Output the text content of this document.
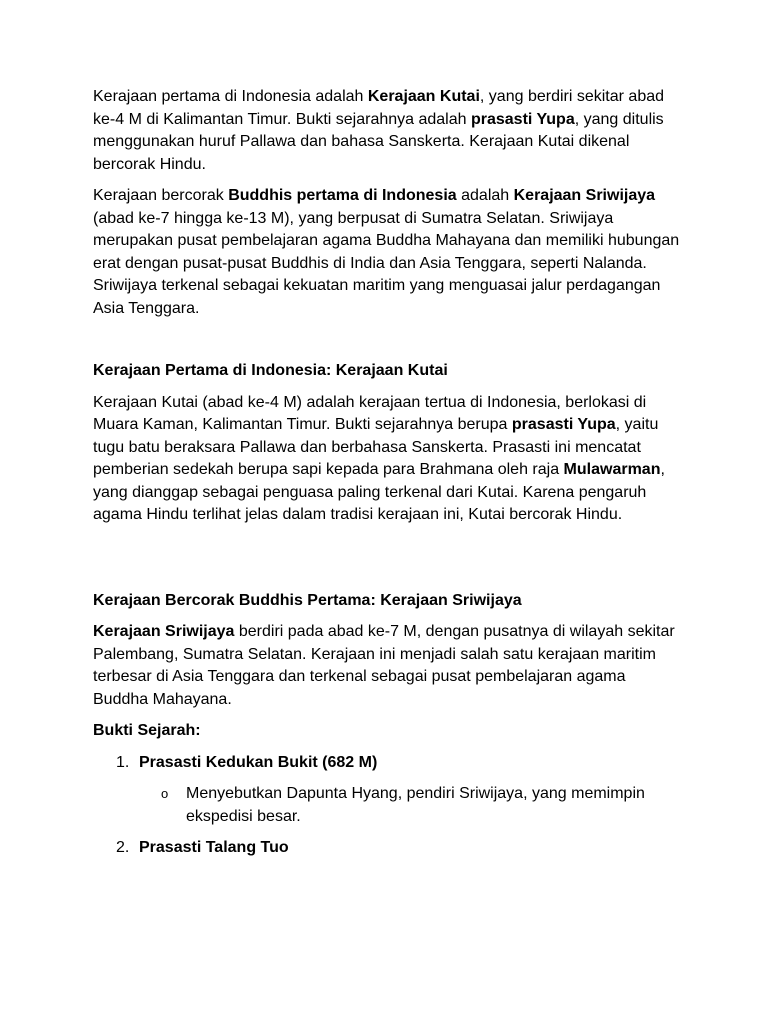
Kerajaan pertama di Indonesia adalah Kerajaan Kutai, yang berdiri sekitar abad ke-4 M di Kalimantan Timur. Bukti sejarahnya adalah prasasti Yupa, yang ditulis menggunakan huruf Pallawa dan bahasa Sanskerta. Kerajaan Kutai dikenal bercorak Hindu.

Kerajaan bercorak Buddhis pertama di Indonesia adalah Kerajaan Sriwijaya (abad ke-7 hingga ke-13 M), yang berpusat di Sumatra Selatan. Sriwijaya merupakan pusat pembelajaran agama Buddha Mahayana dan memiliki hubungan erat dengan pusat-pusat Buddhis di India dan Asia Tenggara, seperti Nalanda. Sriwijaya terkenal sebagai kekuatan maritim yang menguasai jalur perdagangan Asia Tenggara.

Kerajaan Pertama di Indonesia: Kerajaan Kutai

Kerajaan Kutai (abad ke-4 M) adalah kerajaan tertua di Indonesia, berlokasi di Muara Kaman, Kalimantan Timur. Bukti sejarahnya berupa prasasti Yupa, yaitu tugu batu beraksara Pallawa dan berbahasa Sanskerta. Prasasti ini mencatat pemberian sedekah berupa sapi kepada para Brahmana oleh raja Mulawarman, yang dianggap sebagai penguasa paling terkenal dari Kutai. Karena pengaruh agama Hindu terlihat jelas dalam tradisi kerajaan ini, Kutai bercorak Hindu.

Kerajaan Bercorak Buddhis Pertama: Kerajaan Sriwijaya

Kerajaan Sriwijaya berdiri pada abad ke-7 M, dengan pusatnya di wilayah sekitar Palembang, Sumatra Selatan. Kerajaan ini menjadi salah satu kerajaan maritim terbesar di Asia Tenggara dan terkenal sebagai pusat pembelajaran agama Buddha Mahayana.

Bukti Sejarah:

1. Prasasti Kedukan Bukit (682 M)
o Menyebutkan Dapunta Hyang, pendiri Sriwijaya, yang memimpin ekspedisi besar.
2. Prasasti Talang Tuo
